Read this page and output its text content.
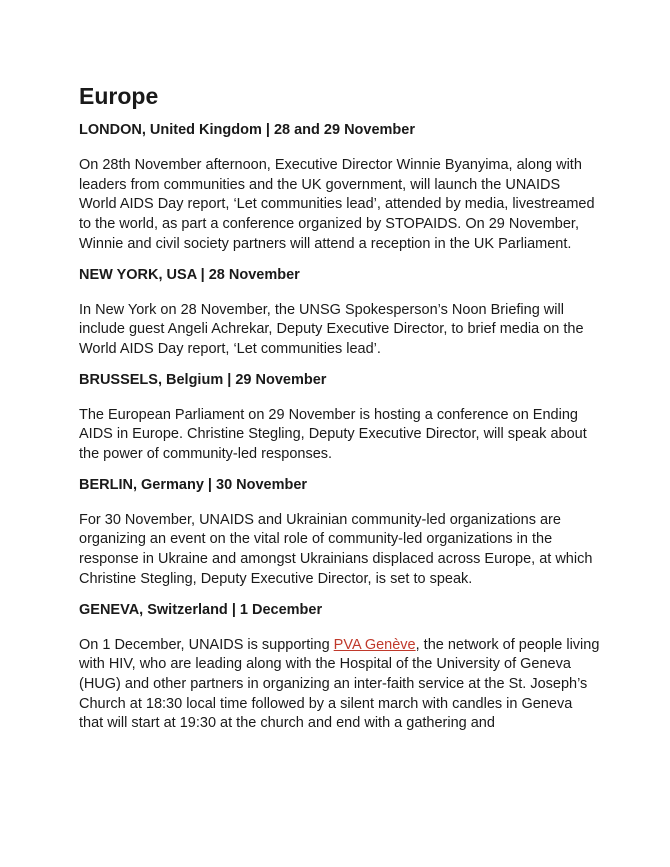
Europe
LONDON, United Kingdom | 28 and 29 November

On 28th November afternoon, Executive Director Winnie Byanyima, along with leaders from communities and the UK government, will launch the UNAIDS World AIDS Day report, ‘Let communities lead’, attended by media, livestreamed to the world, as part a conference organized by STOPAIDS. On 29 November, Winnie and civil society partners will attend a reception in the UK Parliament.

NEW YORK, USA | 28 November

In New York on 28 November, the UNSG Spokesperson’s Noon Briefing will include guest Angeli Achrekar, Deputy Executive Director, to brief media on the World AIDS Day report, ‘Let communities lead’.

BRUSSELS, Belgium | 29 November

The European Parliament on 29 November is hosting a conference on Ending AIDS in Europe. Christine Stegling, Deputy Executive Director, will speak about the power of community-led responses.

BERLIN, Germany | 30 November

For 30 November, UNAIDS and Ukrainian community-led organizations are organizing an event on the vital role of community-led organizations in the response in Ukraine and amongst Ukrainians displaced across Europe, at which Christine Stegling, Deputy Executive Director, is set to speak.

GENEVA, Switzerland | 1 December

On 1 December, UNAIDS is supporting PVA Genève, the network of people living with HIV, who are leading along with the Hospital of the University of Geneva (HUG) and other partners in organizing an inter-faith service at the St. Joseph’s Church at 18:30 local time followed by a silent march with candles in Geneva that will start at 19:30 at the church and end with a gathering and
